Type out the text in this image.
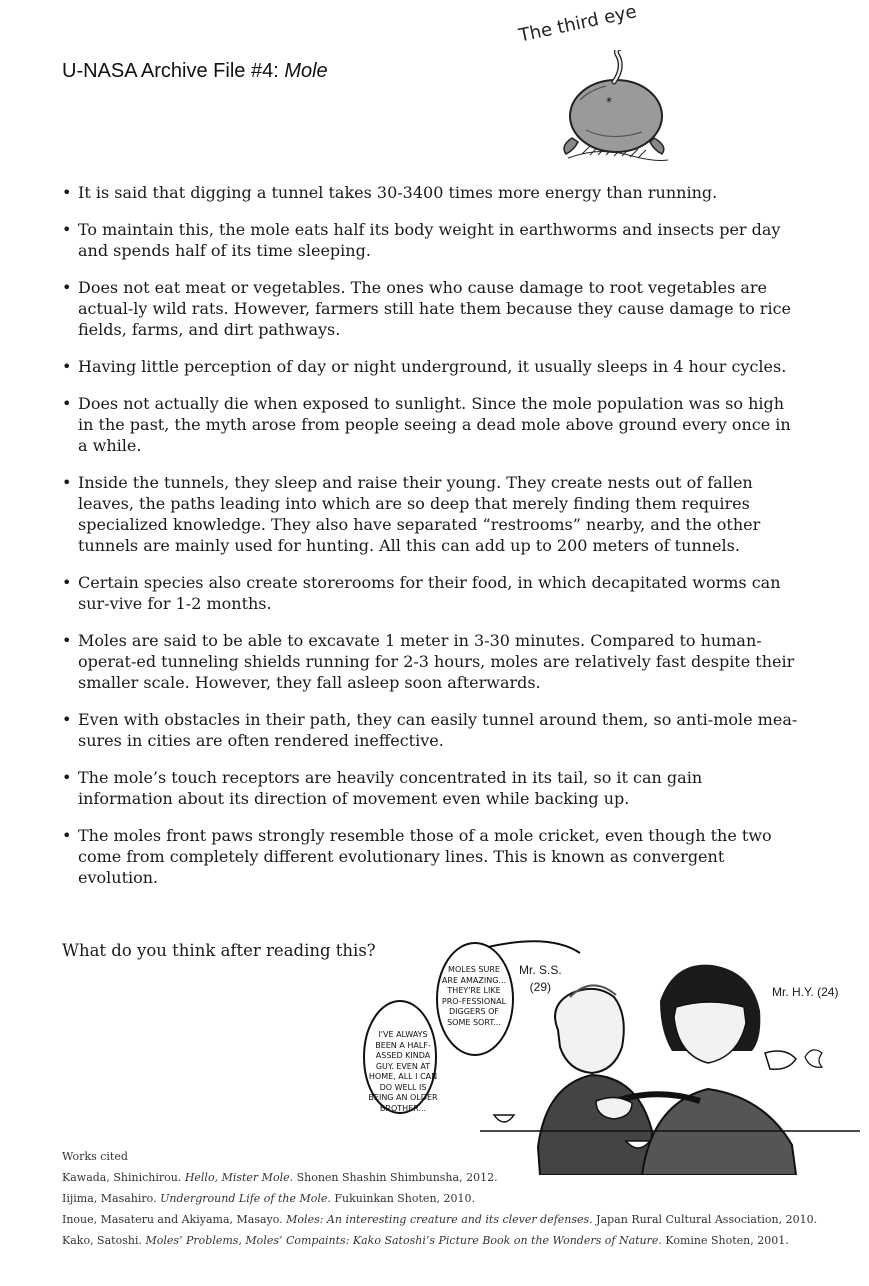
U-NASA Archive File #4: Mole
The third eye
*
• It is said that digging a tunnel takes 30-3400 times more energy than running.
• To maintain this, the mole eats half its body weight in earthworms and insects per day and spends half of its time sleeping.
• Does not eat meat or vegetables. The ones who cause damage to root vegetables are actual-ly wild rats. However, farmers still hate them because they cause damage to rice fields, farms, and dirt pathways.
• Having little perception of day or night underground, it usually sleeps in 4 hour cycles.
• Does not actually die when exposed to sunlight. Since the mole population was so high in the past, the myth arose from people seeing a dead mole above ground every once in a while.
• Inside the tunnels, they sleep and raise their young. They create nests out of fallen leaves, the paths leading into which are so deep that merely finding them requires specialized knowledge. They also have separated “restrooms” nearby, and the other tunnels are mainly used for hunting. All this can add up to 200 meters of tunnels.
• Certain species also create storerooms for their food, in which decapitated worms can sur-vive for 1-2 months.
• Moles are said to be able to excavate 1 meter in 3-30 minutes. Compared to human-operat-ed tunneling shields running for 2-3 hours, moles are relatively fast despite their smaller scale. However, they fall asleep soon afterwards.
• Even with obstacles in their path, they can easily tunnel around them, so anti-mole mea-sures in cities are often rendered ineffective.
• The mole’s touch receptors are heavily concentrated in its tail, so it can gain information about its direction of movement even while backing up.
• The moles front paws strongly resemble those of a mole cricket, even though the two come from completely different evolutionary lines. This is known as convergent evolution.
What do you think after reading this?
MOLES SURE ARE AMAZING... THEY'RE LIKE PRO-FESSIONAL DIGGERS OF SOME SORT...
I'VE ALWAYS BEEN A HALF-ASSED KINDA GUY. EVEN AT HOME, ALL I CAN DO WELL IS BEING AN OLDER BROTHER...
Mr. S.S.
(29)	Mr. H.Y. (24)
Works cited
Kawada, Shinichirou. Hello, Mister Mole. Shonen Shashin Shimbunsha, 2012.
Iijima, Masahiro. Underground Life of the Mole. Fukuinkan Shoten, 2010.
Inoue, Masateru and Akiyama, Masayo. Moles: An interesting creature and its clever defenses. Japan Rural Cultural Association, 2010.
Kako, Satoshi. Moles’ Problems, Moles’ Compaints: Kako Satoshi’s Picture Book on the Wonders of Nature. Komine Shoten, 2001.
